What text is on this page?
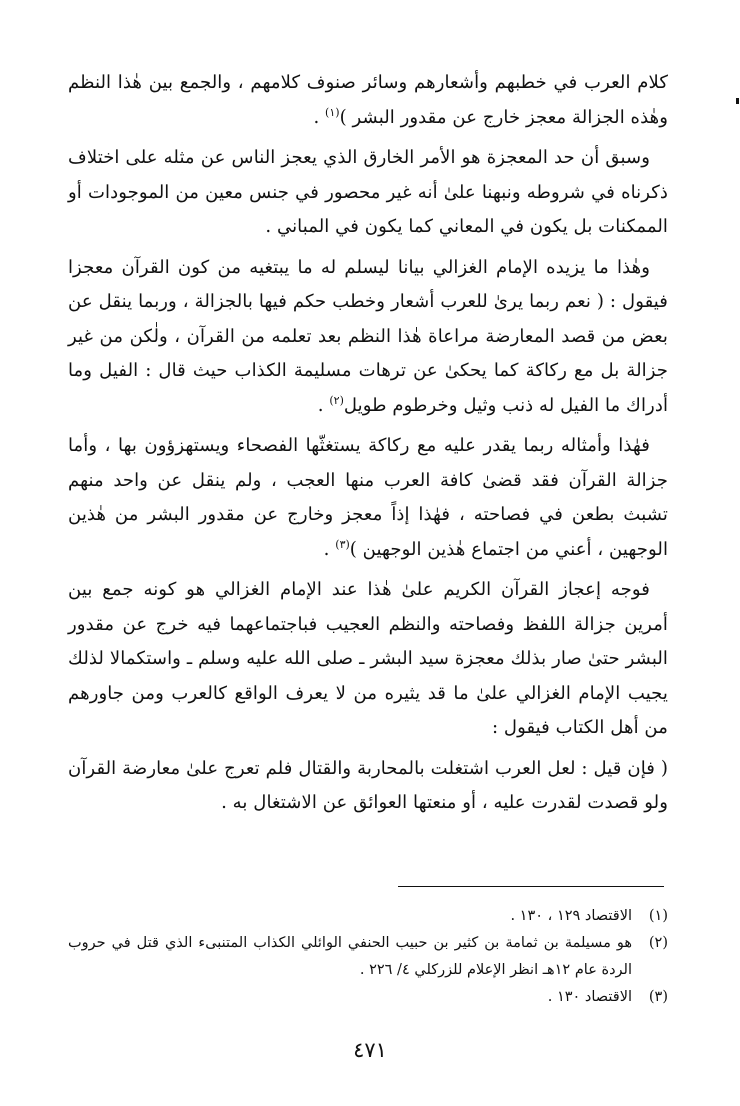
كلام العرب في خطبهم وأشعارهم وسائر صنوف كلامهم ، والجمع بين هٰذا النظم وهٰذه الجزالة معجز خارج عن مقدور البشر )$^{(١)}$ .

وسبق أن حد المعجزة هو الأمر الخارق الذي يعجز الناس عن مثله على اختلاف ذكرناه في شروطه ونبهنا علىٰ أنه غير محصور في جنس معين من الموجودات أو الممكنات بل يكون في المعاني كما يكون في المباني .

وهٰذا ما يزيده الإمام الغزالي بيانا ليسلم له ما يبتغيه من كون القرآن معجزا فيقول : ( نعم ربما يرىٰ للعرب أشعار وخطب حكم فيها بالجزالة ، وربما ينقل عن بعض من قصد المعارضة مراعاة هٰذا النظم بعد تعلمه من القرآن ، ولٰكن من غير جزالة بل مع ركاكة كما يحكىٰ عن ترهات مسليمة الكذاب حيث قال : الفيل وما أدراك ما الفيل له ذنب وثيل وخرطوم طويل$^{(٢)}$ .

فهٰذا وأمثاله ربما يقدر عليه مع ركاكة يستغثّها الفصحاء ويستهزؤون بها ، وأما جزالة القرآن فقد قضىٰ كافة العرب منها العجب ، ولم ينقل عن واحد منهم تشبث بطعن في فصاحته ، فهٰذا إذاً معجز وخارج عن مقدور البشر من هٰذين الوجهين ، أعني من اجتماع هٰذين الوجهين )$^{(٣)}$ .

فوجه إعجاز القرآن الكريم علىٰ هٰذا عند الإمام الغزالي هو كونه جمع بين أمرين جزالة اللفظ وفصاحته والنظم العجيب فباجتماعهما فيه خرج عن مقدور البشر حتىٰ صار بذلك معجزة سيد البشر ـ صلى الله عليه وسلم ـ واستكمالا لذلك يجيب الإمام الغزالي علىٰ ما قد يثيره من لا يعرف الواقع كالعرب ومن جاورهم من أهل الكتاب فيقول :

( فإن قيل : لعل العرب اشتغلت بالمحاربة والقتال فلم تعرج علىٰ معارضة القرآن ولو قصدت لقدرت عليه ، أو منعتها العوائق عن الاشتغال به .

(١)
الاقتصاد ١٢٩ ، ١٣٠ .
(٢)
هو مسيلمة بن ثمامة بن كثير بن حبيب الحنفي الوائلي الكذاب المتنبىء الذي قتل في حروب الردة عام ١٢هـ انظر الإعلام للزركلي ٤/ ٢٢٦ .
(٣)
الاقتصاد ١٣٠ .
٤٧١
